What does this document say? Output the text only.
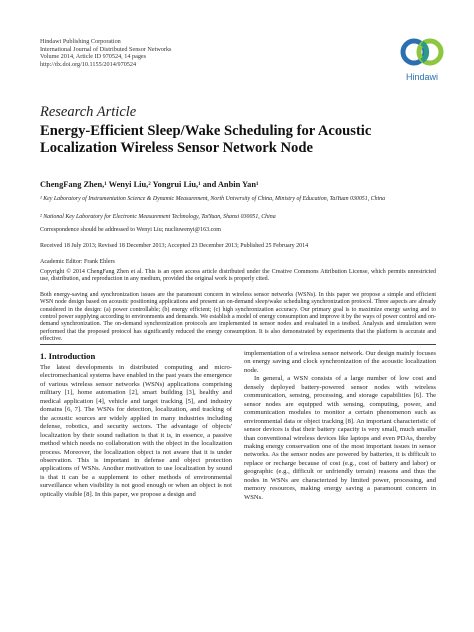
Hindawi Publishing Corporation
International Journal of Distributed Sensor Networks
Volume 2014, Article ID 970524, 14 pages
http://dx.doi.org/10.1155/2014/970524
Hindawi
Research Article
Energy-Efficient Sleep/Wake Scheduling for Acoustic Localization Wireless Sensor Network Node
ChengFang Zhen,¹ Wenyi Liu,² Yongrui Liu,¹ and Anbin Yan¹
¹ Key Laboratory of Instrumentation Science & Dynamic Measurement, North University of China, Ministry of Education, TaiYuan 030051, China
² National Key Laboratory for Electronic Measurement Technology, TaiYuan, Shanxi 030051, China
Correspondence should be addressed to Wenyi Liu; nucliuwenyi@163.com
Received 18 July 2013; Revised 18 December 2013; Accepted 23 December 2013; Published 25 February 2014
Academic Editor: Frank Ehlers
Copyright © 2014 ChengFang Zhen et al. This is an open access article distributed under the Creative Commons Attribution License, which permits unrestricted use, distribution, and reproduction in any medium, provided the original work is properly cited.
Both energy-saving and synchronization issues are the paramount concern in wireless sensor networks (WSNs). In this paper we propose a simple and efficient WSN node design based on acoustic positioning applications and present an on-demand sleep/wake scheduling synchronization protocol. Three aspects are already considered in the design: (a) power controllable; (b) energy efficient; (c) high synchronization accuracy. Our primary goal is to maximize energy saving and to control power supplying according to environments and demands. We establish a model of energy consumption and improve it by the ways of power control and on-demand synchronization. The on-demand synchronization protocols are implemented in sensor nodes and evaluated in a testbed. Analysis and simulation were performed that the proposed protocol has significantly reduced the energy consumption. It is also demonstrated by experiments that the platform is accurate and effective.
1. Introduction

The latest developments in distributed computing and micro-electromechanical systems have enabled in the past years the emergence of various wireless sensor networks (WSNs) applications comprising military [1], home automation [2], smart building [3], healthy and medical application [4], vehicle and target tracking [5], and industry domains [6, 7]. The WSNs for detection, localization, and tracking of the acoustic sources are widely applied in many industries including defense, robotics, and security sectors. The advantage of objects' localization by their sound radiation is that it is, in essence, a passive method which needs no collaboration with the object in the localization process. Moreover, the localization object is not aware that it is under observation. This is important in defense and object protection applications of WSNs. Another motivation to use localization by sound is that it can be a supplement to other methods of environmental surveillance when visibility is not good enough or when an object is not optically visible [8]. In this paper, we propose a design and

implementation of a wireless sensor network. Our design mainly focuses on energy saving and clock synchronization of the acoustic localization node.

In general, a WSN consists of a large number of low cost and densely deployed battery-powered sensor nodes with wireless communication, sensing, processing, and storage capabilities [6]. The sensor nodes are equipped with sensing, computing, power, and communication modules to monitor a certain phenomenon such as environmental data or object tracking [8]. An important characteristic of sensor devices is that their battery capacity is very small, much smaller than conventional wireless devices like laptops and even PDAs, thereby making energy conservation one of the most important issues in sensor networks. As the sensor nodes are powered by batteries, it is difficult to replace or recharge because of cost (e.g., cost of battery and labor) or geographic (e.g., difficult or unfriendly terrain) reasons and thus the nodes in WSNs are characterized by limited power, processing, and memory resources, making energy saving a paramount concern in WSNs.
